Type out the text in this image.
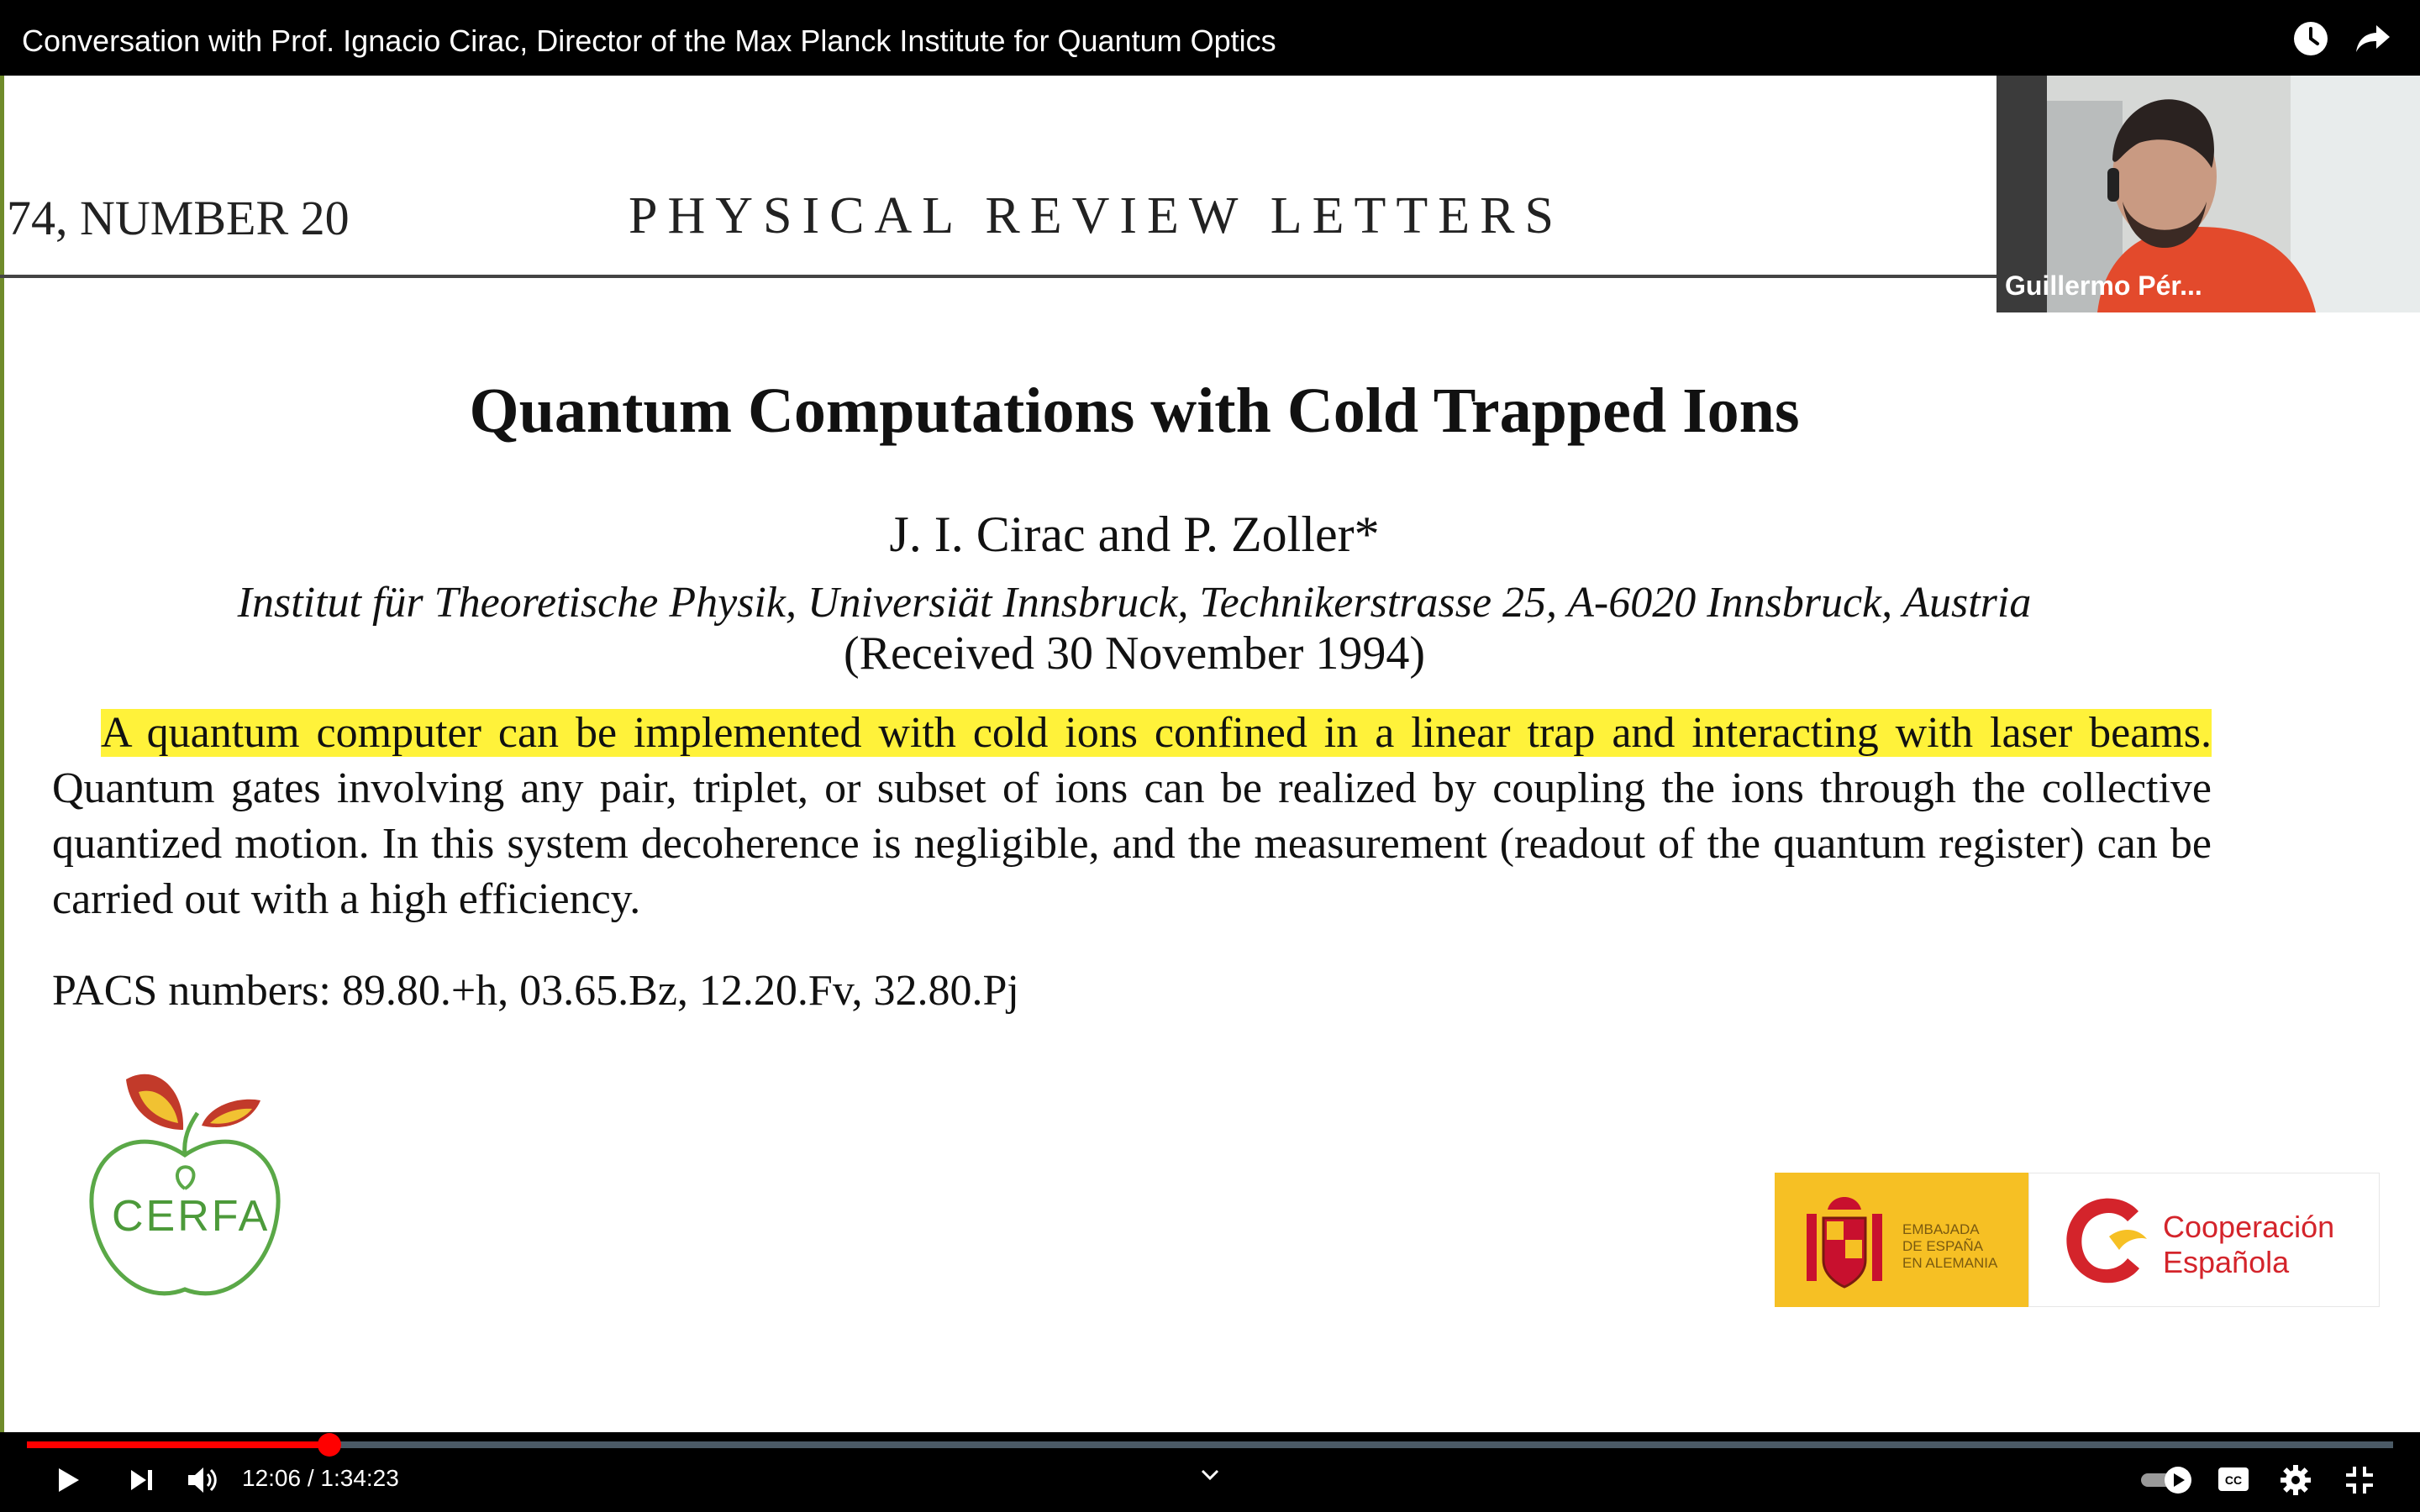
Conversation with Prof. Ignacio Cirac, Director of the Max Planck Institute for Quantum Optics
74, NUMBER 20	PHYSICAL REVIEW LETTERS
Quantum Computations with Cold Trapped Ions
J. I. Cirac and P. Zoller*
Institut für Theoretische Physik, Universiät Innsbruck, Technikerstrasse 25, A-6020 Innsbruck, Austria
(Received 30 November 1994)
A quantum computer can be implemented with cold ions confined in a linear trap and interacting with laser beams. Quantum gates involving any pair, triplet, or subset of ions can be realized by coupling the ions through the collective quantized motion. In this system decoherence is negligible, and the measurement (readout of the quantum register) can be carried out with a high efficiency.
PACS numbers: 89.80.+h, 03.65.Bz, 12.20.Fv, 32.80.Pj
CERFA	EMBAJADA
DE ESPAÑA
EN ALEMANIA
Cooperación
Española
Guillermo Pér...
12:06 / 1:34:23	CC
